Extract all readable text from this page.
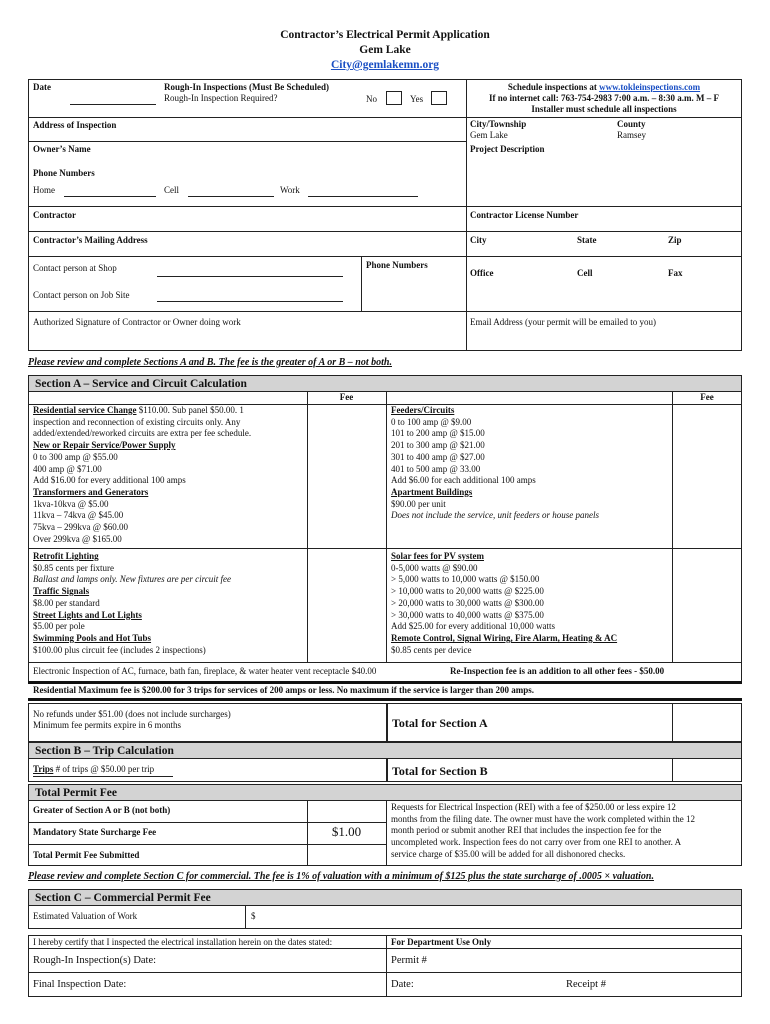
Contractor’s Electrical Permit Application
Gem Lake
City@gemlakemn.org
Date	Rough-In Inspections (Must Be Scheduled)
Rough-In Inspection Required?	No	Yes
Schedule inspections at www.tokleinspections.com
If no internet call: 763-754-2983 7:00 a.m. – 8:30 a.m. M – F
Installer must schedule all inspections
Address of Inspection	City/Township
Gem Lake
County
Ramsey
Owner’s Name	Project Description
Phone Numbers
Home	Cell	Work
Contractor	Contractor License Number
Contractor’s Mailing Address	City	State	Zip
Contact person at Shop	Phone Numbers
Office	Cell	Fax
Contact person on Job Site
Authorized Signature of Contractor or Owner doing work	Email Address (your permit will be emailed to you)
Please review and complete Sections A and B. The fee is the greater of A or B – not both.
Section A – Service and Circuit Calculation
Fee	Fee
Residential service Change $110.00. Sub panel $50.00. 1
inspection and reconnection of existing circuits only. Any
added/extended/reworked circuits are extra per fee schedule.
New or Repair Service/Power Supply
0 to 300 amp @ $55.00
400 amp @ $71.00
Add $16.00 for every additional 100 amps
Transformers and Generators
1kva-10kva @ $5.00
11kva – 74kva @ $45.00
75kva – 299kva @ $60.00
Over 299kva @ $165.00
Feeders/Circuits
0 to 100 amp @ $9.00
101 to 200 amp @ $15.00
201 to 300 amp @ $21.00
301 to 400 amp @ $27.00
401 to 500 amp @ 33.00
Add $6.00 for each additional 100 amps
Apartment Buildings
$90.00 per unit
Does not include the service, unit feeders or house panels
Retrofit Lighting
$0.85 cents per fixture
Ballast and lamps only. New fixtures are per circuit fee
Traffic Signals
$8.00 per standard
Street Lights and Lot Lights
$5.00 per pole
Swimming Pools and Hot Tubs
$100.00 plus circuit fee (includes 2 inspections)
Solar fees for PV system
0-5,000 watts @ $90.00
> 5,000 watts to 10,000 watts @ $150.00
> 10,000 watts to 20,000 watts @ $225.00
> 20,000 watts to 30,000 watts @ $300.00
> 30,000 watts to 40,000 watts @ $375.00
Add $25.00 for every additional 10,000 watts
Remote Control, Signal Wiring, Fire Alarm, Heating & AC
$0.85 cents per device
Electronic Inspection of AC, furnace, bath fan, fireplace, & water heater vent receptacle $40.00	Re-Inspection fee is an addition to all other fees - $50.00
Residential Maximum fee is $200.00 for 3 trips for services of 200 amps or less. No maximum if the service is larger than 200 amps.
No refunds under $51.00 (does not include surcharges)
Minimum fee permits expire in 6 months	Total for Section A
Section B – Trip Calculation
Trips # of trips @ $50.00 per trip	Total for Section B
Total Permit Fee
Greater of Section A or B (not both)
Mandatory State Surcharge Fee	$1.00
Total Permit Fee Submitted
Requests for Electrical Inspection (REI) with a fee of $250.00 or less expire 12
months from the filing date. The owner must have the work completed within the 12
month period or submit another REI that includes the inspection fee for the
uncompleted work. Inspection fees do not carry over from one REI to another. A
service charge of $35.00 will be added for all dishonored checks.
Please review and complete Section C for commercial. The fee is 1% of valuation with a minimum of $125 plus the state surcharge of .0005 × valuation.
Section C – Commercial Permit Fee
Estimated Valuation of Work	$
I hereby certify that I inspected the electrical installation herein on the dates stated:	For Department Use Only
Rough-In Inspection(s) Date:	Permit #
Final Inspection Date:	Date:	Receipt #
